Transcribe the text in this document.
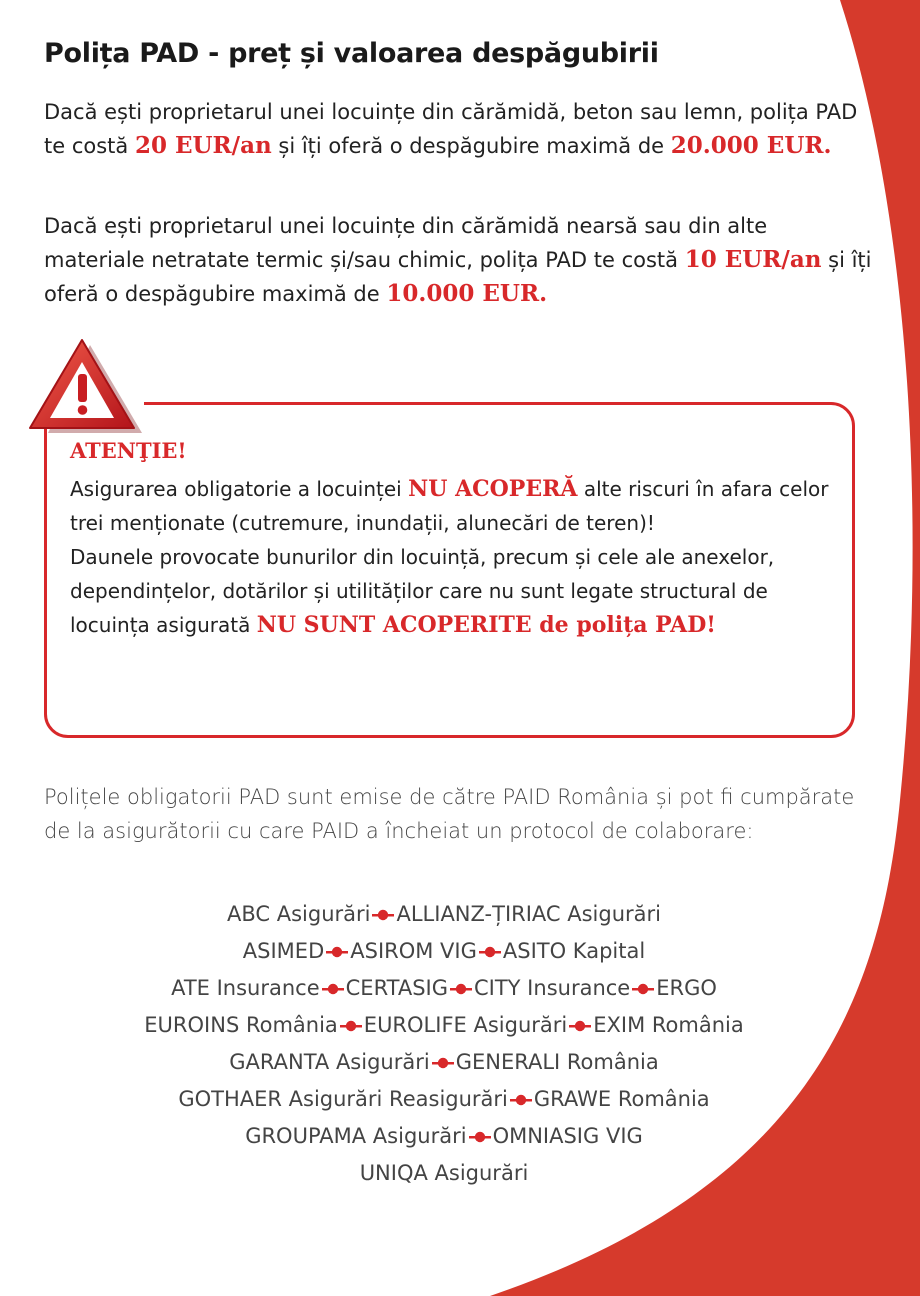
Polița PAD - preț și valoarea despăgubirii

Dacă ești proprietarul unei locuințe din cărămidă, beton sau lemn, polița PAD te costă 20 EUR/an și îți oferă o despăgubire maximă de 20.000 EUR.

Dacă ești proprietarul unei locuințe din cărămidă nearsă sau din alte materiale netratate termic și/sau chimic, polița PAD te costă 10 EUR/an și îți oferă o despăgubire maximă de 10.000 EUR.

ATENŢIE!

Asigurarea obligatorie a locuinței NU ACOPERĂ alte riscuri în afara celor trei menționate (cutremure, inundații, alunecări de teren)!
Daunele provocate bunurilor din locuință, precum și cele ale anexelor, dependințelor, dotărilor și utilităților care nu sunt legate structural de locuința asigurată NU SUNT ACOPERITE de polița PAD!

Polițele obligatorii PAD sunt emise de către PAID România și pot fi cumpărate de la asigurătorii cu care PAID a încheiat un protocol de colaborare:

ABC Asigurări ALLIANZ-ȚIRIAC Asigurări
ASIMED ASIROM VIG ASITO Kapital
ATE Insurance CERTASIG CITY Insurance ERGO
EUROINS România EUROLIFE Asigurări EXIM România
GARANTA Asigurări GENERALI România
GOTHAER Asigurări Reasigurări GRAWE România
GROUPAMA Asigurări OMNIASIG VIG
UNIQA Asigurări
